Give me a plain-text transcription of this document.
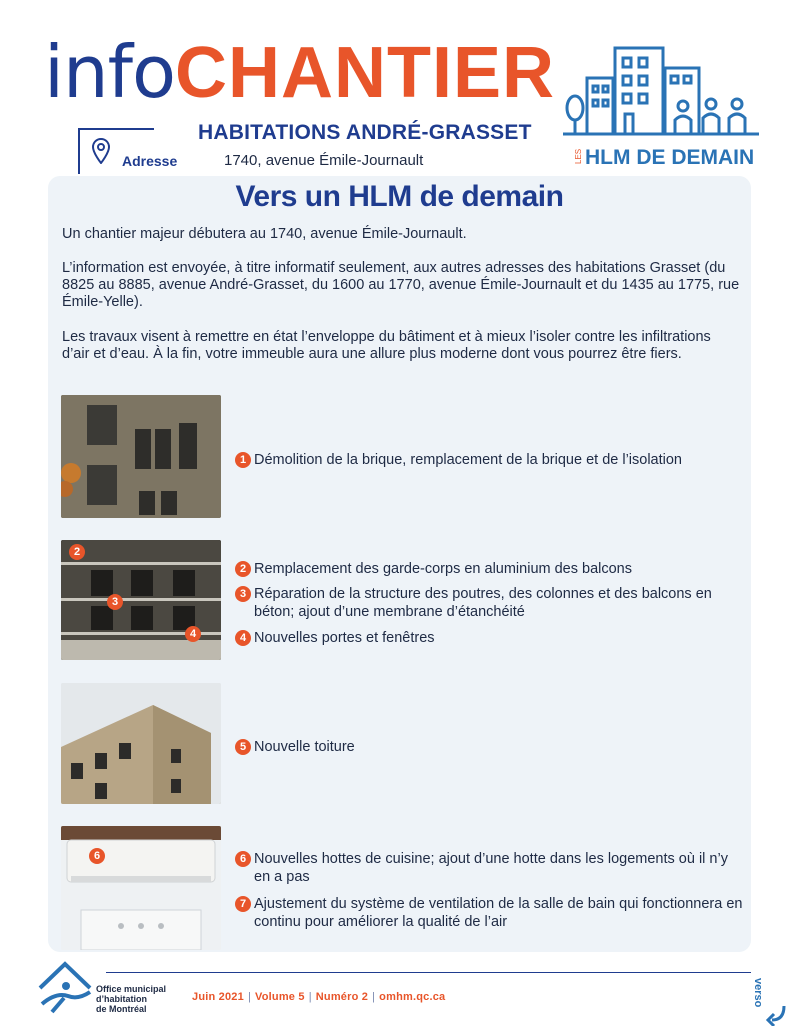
infoCHANTIER
HABITATIONS ANDRÉ-GRASSET
Adresse	1740, avenue Émile-Journault	LES HLM DE DEMAIN
Vers un HLM de demain
Un chantier majeur débutera au 1740, avenue Émile-Journault.
L’information est envoyée, à titre informatif seulement, aux autres adresses des habitations Grasset (du 8825 au 8885, avenue André-Grasset, du 1600 au 1770, avenue Émile-Journault et du 1435 au 1775, rue Émile-Yelle).
Les travaux visent à remettre en état l’enveloppe du bâtiment et à mieux l’isoler contre les infiltrations d’air et d’eau. À la fin, votre immeuble aura une allure plus moderne dont vous pourrez être fiers.
2
3
4
6
1 Démolition de la brique, remplacement de la brique et de l’isolation
2 Remplacement des garde-corps en aluminium des balcons
3 Réparation de la structure des poutres, des colonnes et des balcons en béton; ajout d’une membrane d’étanchéité
4 Nouvelles portes et fenêtres
5 Nouvelle toiture
6 Nouvelles hottes de cuisine; ajout d’une hotte dans les logements où il n’y en a pas
7 Ajustement du système de ventilation de la salle de bain qui fonctionnera en continu pour améliorer la qualité de l’air
Office municipal
d’habitation
de Montréal
Juin 2021 | Volume 5 | Numéro 2 | omhm.qc.ca	verso
